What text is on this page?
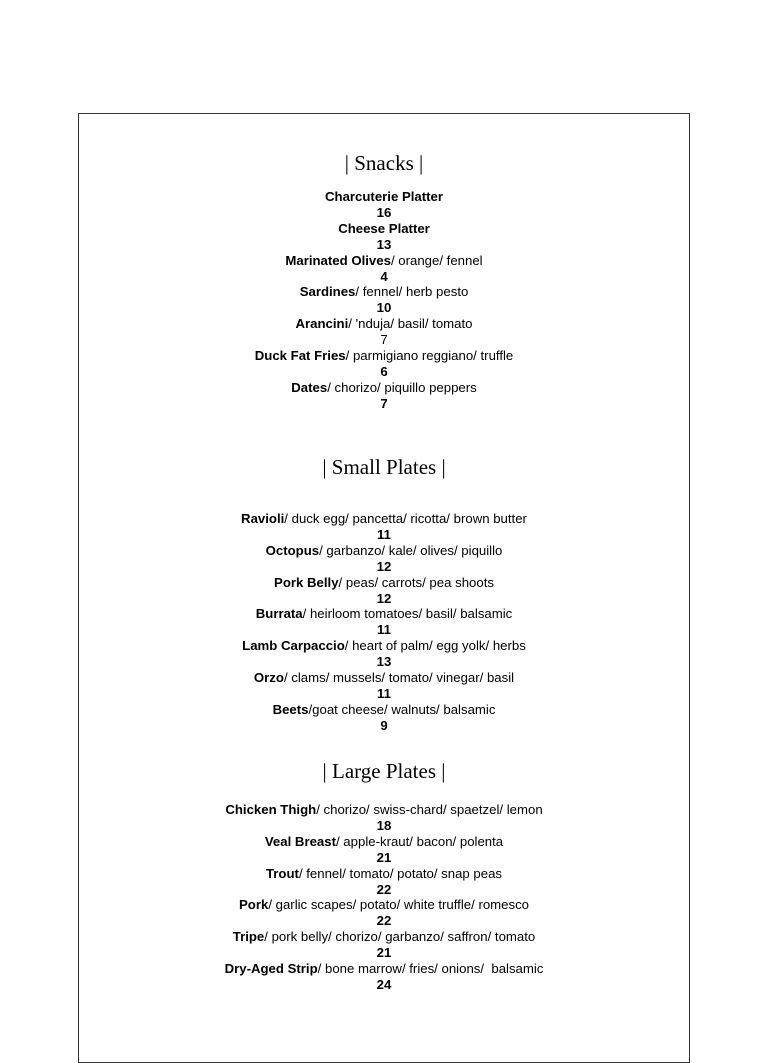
| Snacks |
Charcuterie Platter
16
Cheese Platter
13
Marinated Olives/ orange/ fennel
4
Sardines/ fennel/ herb pesto
10
Arancini/ 'nduja/ basil/ tomato
7
Duck Fat Fries/ parmigiano reggiano/ truffle
6
Dates/ chorizo/ piquillo peppers
7
| Small Plates |
Ravioli/ duck egg/ pancetta/ ricotta/ brown butter
11
Octopus/ garbanzo/ kale/ olives/ piquillo
12
Pork Belly/ peas/ carrots/ pea shoots
12
Burrata/ heirloom tomatoes/ basil/ balsamic
11
Lamb Carpaccio/ heart of palm/ egg yolk/ herbs
13
Orzo/ clams/ mussels/ tomato/ vinegar/ basil
11
Beets/goat cheese/ walnuts/ balsamic
9
| Large Plates |
Chicken Thigh/ chorizo/ swiss-chard/ spaetzel/ lemon
18
Veal Breast/ apple-kraut/ bacon/ polenta
21
Trout/ fennel/ tomato/ potato/ snap peas
22
Pork/ garlic scapes/ potato/ white truffle/ romesco
22
Tripe/ pork belly/ chorizo/ garbanzo/ saffron/ tomato
21
Dry-Aged Strip/ bone marrow/ fries/ onions/  balsamic
24
